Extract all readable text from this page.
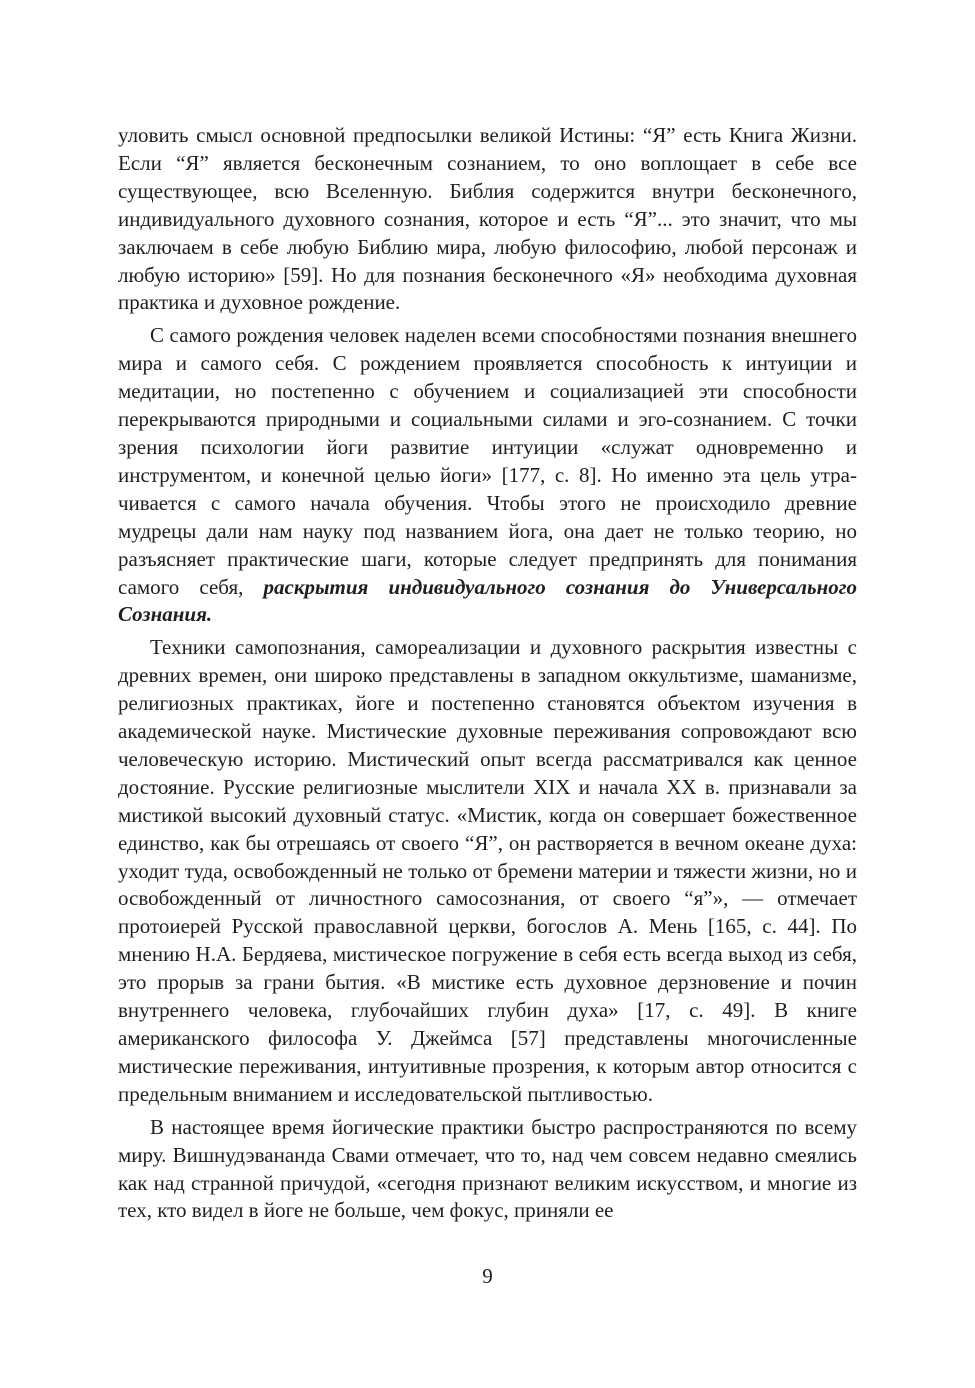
уловить смысл основной предпосылки великой Истины: “Я” есть Книга Жизни. Если “Я” является бесконечным сознанием, то оно воплощает в себе все существующее, всю Вселенную. Библия содержится внутри бесконечного, индивидуального духовного сознания, которое и есть “Я”... это значит, что мы заключаем в себе любую Библию мира, любую философию, любой персонаж и любую историю» [59]. Но для познания бесконечного «Я» необходима духовная практика и духовное рождение.

С самого рождения человек наделен всеми способностями познания внешнего мира и самого себя. С рождением проявляется способность к интуиции и медитации, но постепенно с обучением и социализацией эти способности перекрываются природными и социальными силами и эго-сознанием. С точки зрения психологии йоги развитие интуиции «служат одновременно и инструментом, и конечной целью йоги» [177, с. 8]. Но именно эта цель утрачивается с самого начала обучения. Чтобы этого не происходило древние мудрецы дали нам науку под названием йога, она дает не только теорию, но разъясняет практические шаги, которые следует предпринять для понимания самого себя, раскрытия индивидуального сознания до Универсального Сознания.

Техники самопознания, самореализации и духовного раскрытия известны с древних времен, они широко представлены в западном оккультизме, шаманизме, религиозных практиках, йоге и постепенно становятся объектом изучения в академической науке. Мистические духовные переживания сопровождают всю человеческую историю. Мистический опыт всегда рассматривался как ценное достояние. Русские религиозные мыслители XIX и начала XX в. признавали за мистикой высокий духовный статус. «Мистик, когда он совершает божественное единство, как бы отрешаясь от своего “Я”, он растворяется в вечном океане духа: уходит туда, освобожденный не только от бремени материи и тяжести жизни, но и освобожденный от личностного самосознания, от своего “я”», — отмечает протоиерей Русской православной церкви, богослов А. Мень [165, с. 44]. По мнению Н.А. Бердяева, мистическое погружение в себя есть всегда выход из себя, это прорыв за грани бытия. «В мистике есть духовное дерзновение и почин внутреннего человека, глубочайших глубин духа» [17, с. 49]. В книге американского философа У. Джеймса [57] представлены многочисленные мистические переживания, интуитивные прозрения, к которым автор относится с предельным вниманием и исследовательской пытливостью.

В настоящее время йогические практики быстро распространяются по всему миру. Вишнудэвананда Свами отмечает, что то, над чем совсем недавно смеялись как над странной причудой, «сегодня признают великим искусством, и многие из тех, кто видел в йоге не больше, чем фокус, приняли ее

9
